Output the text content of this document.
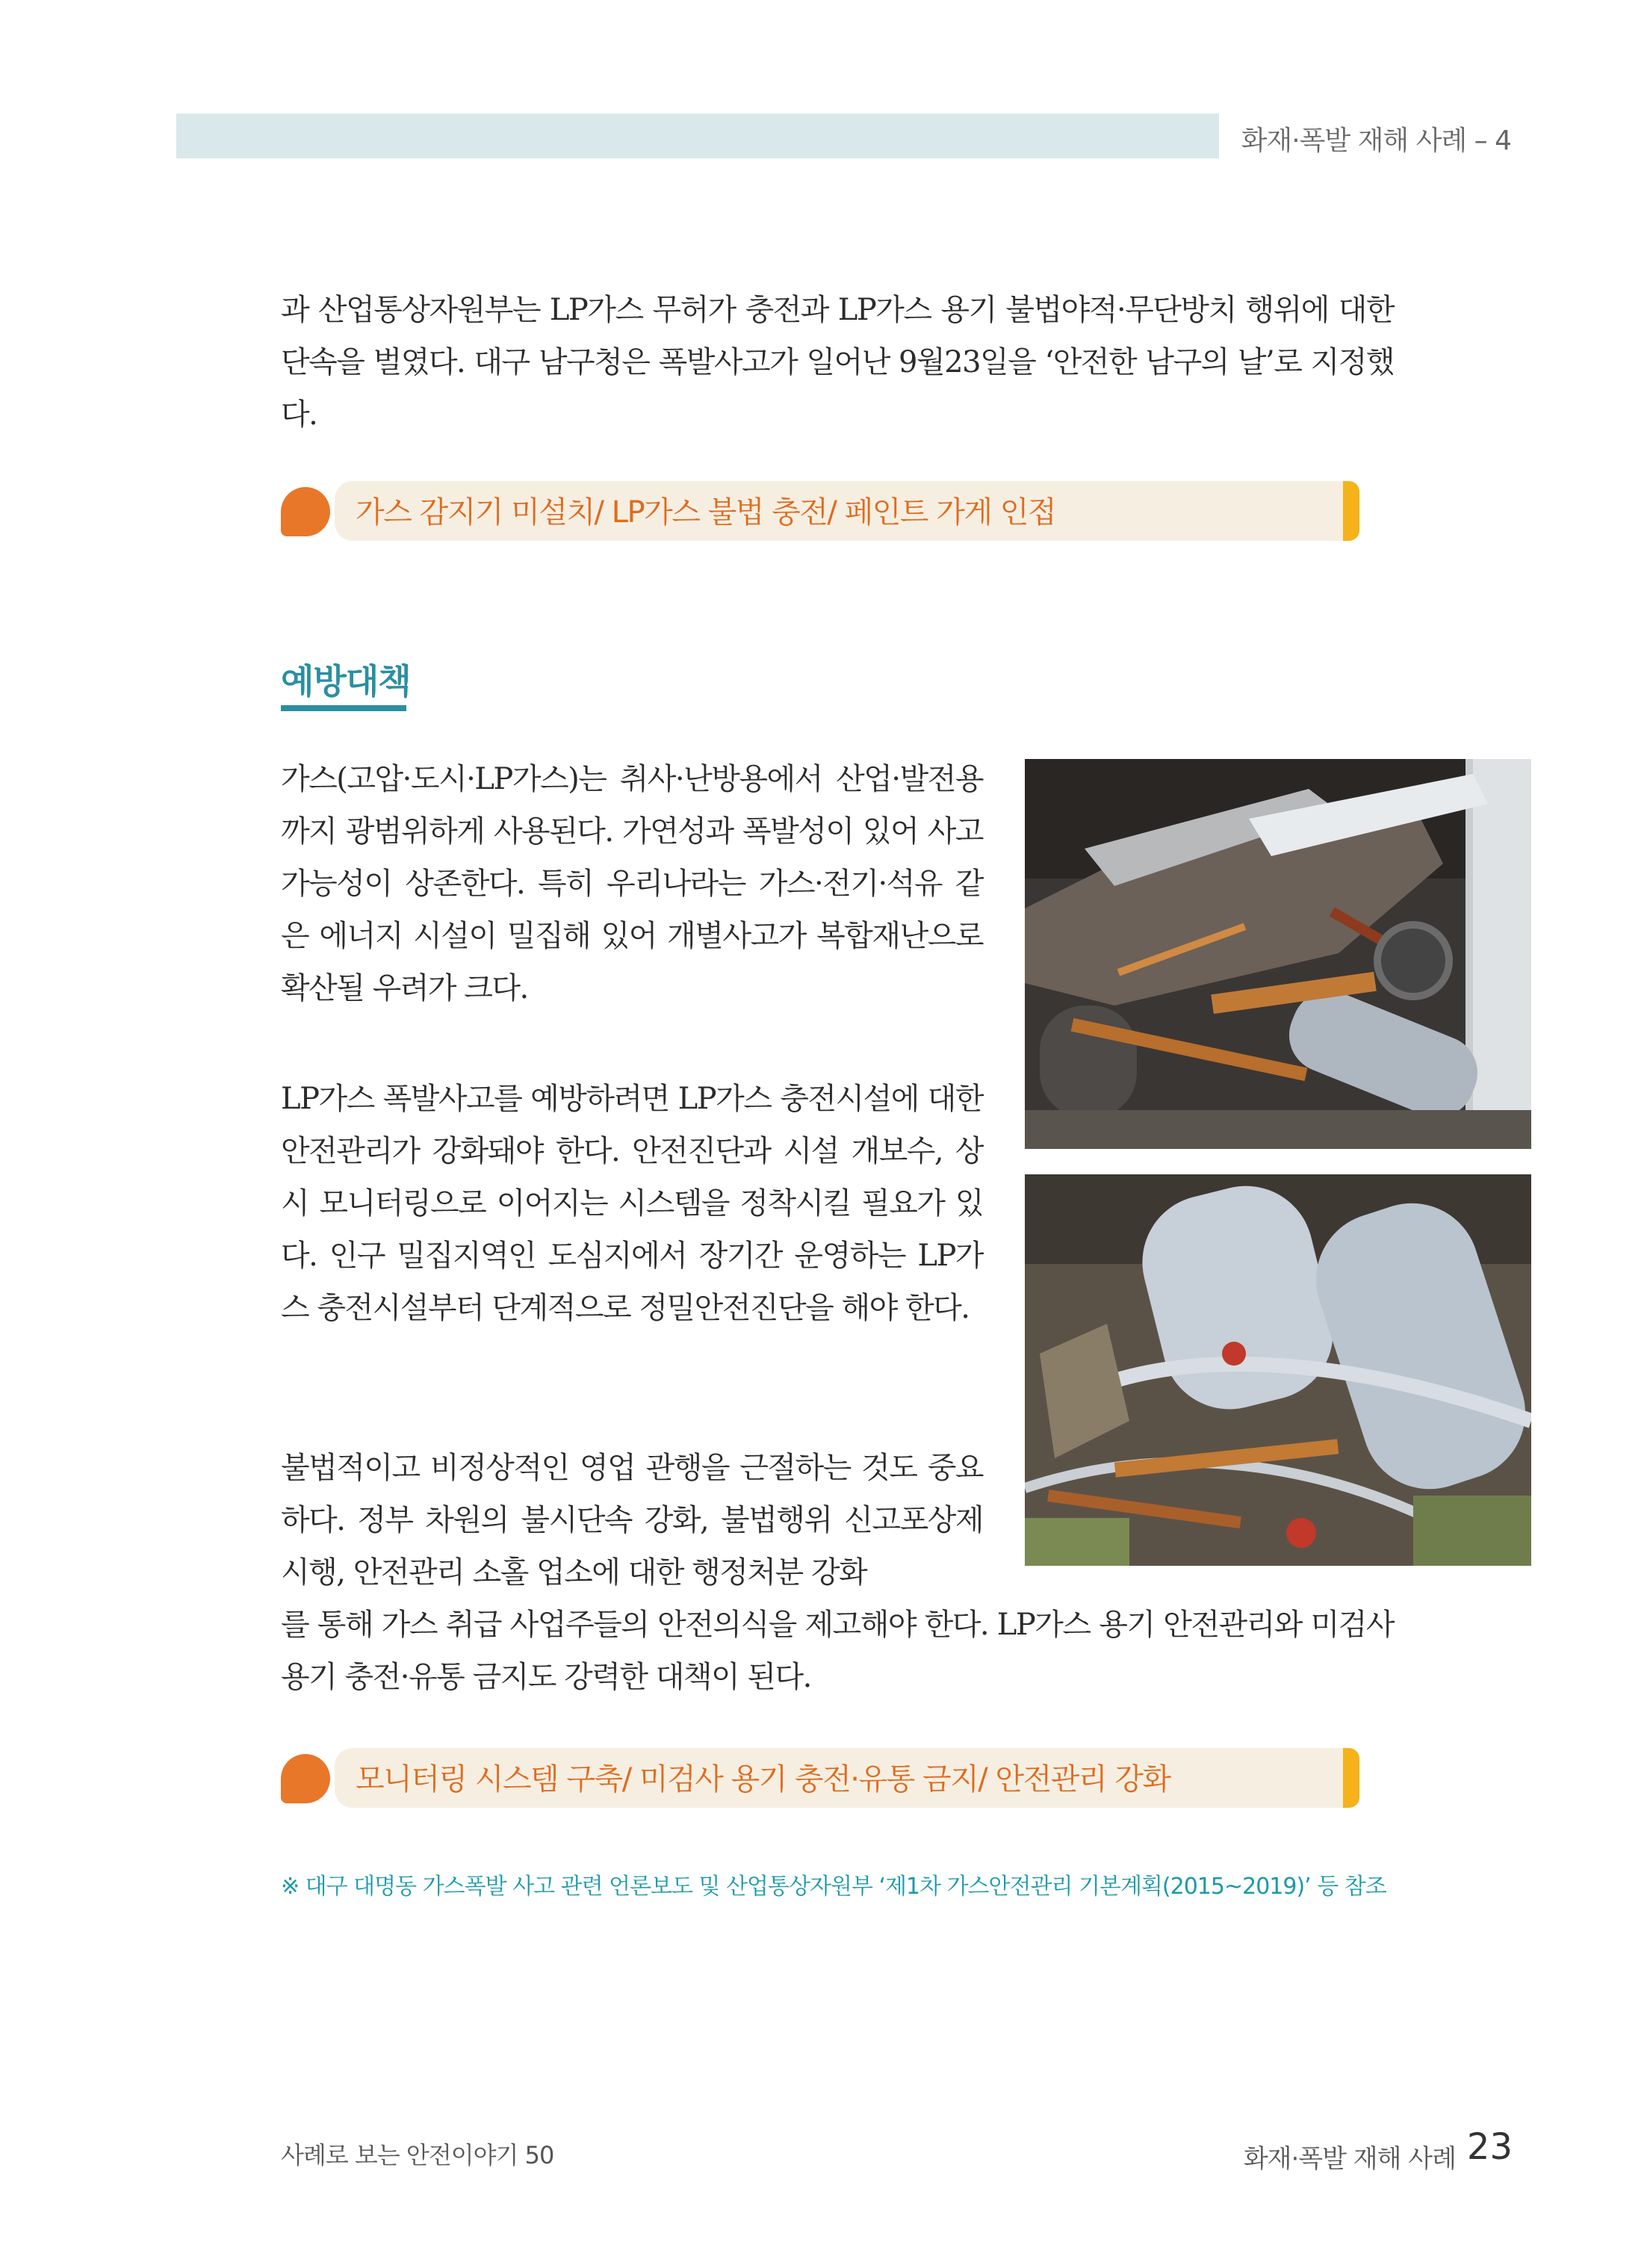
화재·폭발 재해 사례 – 4

과 산업통상자원부는 LP가스 무허가 충전과 LP가스 용기 불법야적·무단방치 행위에 대한 단속을 벌였다. 대구 남구청은 폭발사고가 일어난 9월23일을 ‘안전한 남구의 날’로 지정했다.

가스 감지기 미설치/ LP가스 불법 충전/ 페인트 가게 인접
예방대책

가스(고압·도시·LP가스)는 취사·난방용에서 산업·발전용까지 광범위하게 사용된다. 가연성과 폭발성이 있어 사고 가능성이 상존한다. 특히 우리나라는 가스·전기·석유 같은 에너지 시설이 밀집해 있어 개별사고가 복합재난으로 확산될 우려가 크다.

LP가스 폭발사고를 예방하려면 LP가스 충전시설에 대한 안전관리가 강화돼야 한다. 안전진단과 시설 개보수, 상시 모니터링으로 이어지는 시스템을 정착시킬 필요가 있다. 인구 밀집지역인 도심지에서 장기간 운영하는 LP가스 충전시설부터 단계적으로 정밀안전진단을 해야 한다.

불법적이고 비정상적인 영업 관행을 근절하는 것도 중요하다. 정부 차원의 불시단속 강화, 불법행위 신고포상제 시행, 안전관리 소홀 업소에 대한 행정처분 강화

를 통해 가스 취급 사업주들의 안전의식을 제고해야 한다. LP가스 용기 안전관리와 미검사 용기 충전·유통 금지도 강력한 대책이 된다.

모니터링 시스템 구축/ 미검사 용기 충전·유통 금지/ 안전관리 강화
※ 대구 대명동 가스폭발 사고 관련 언론보도 및 산업통상자원부 ‘제1차 가스안전관리 기본계획(2015~2019)’ 등 참조
사례로 보는 안전이야기 50	화재·폭발 재해 사례 23
